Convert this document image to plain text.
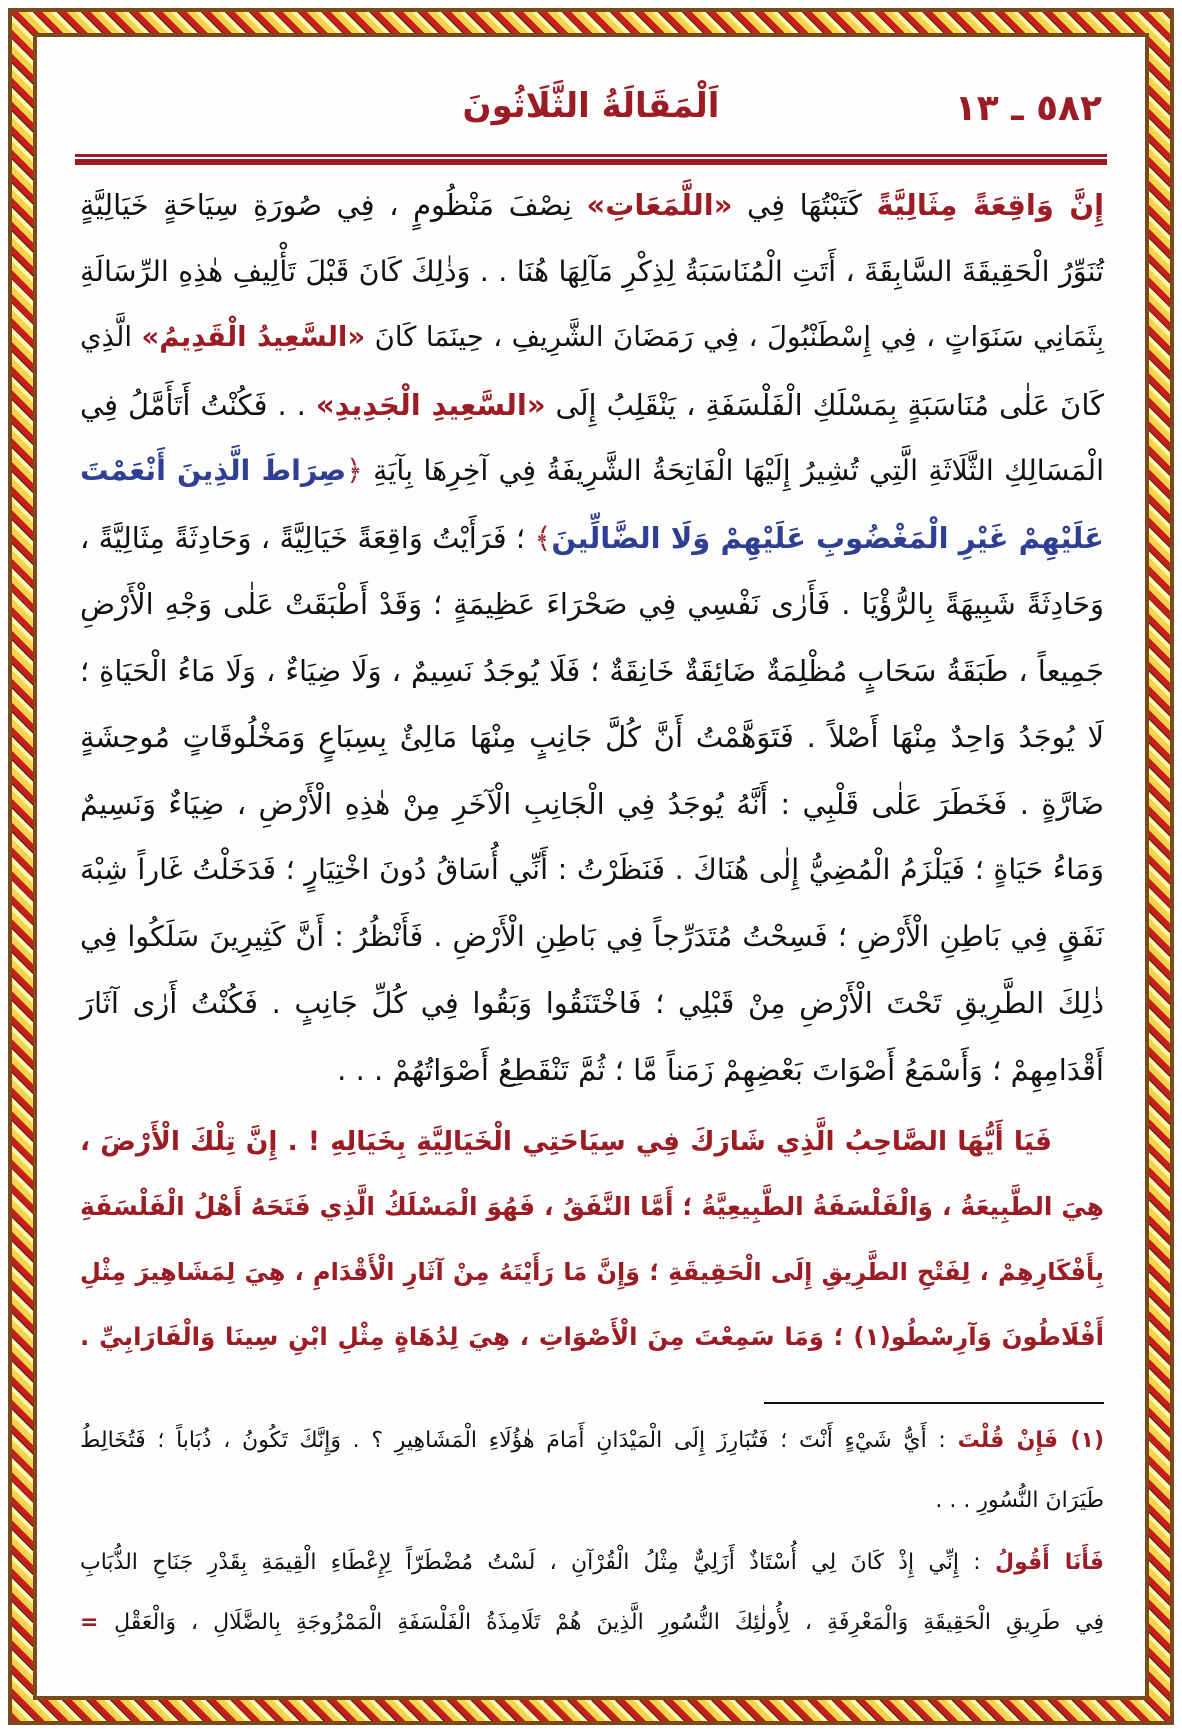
٥٨٢ ـ ١٣
اَلْمَقَالَةُ الثَّلَاثُونَ
إِنَّ وَاقِعَةً مِثَالِيَّةً كَتَبْتُهَا فِي «اللَّمَعَاتِ» نِصْفَ مَنْظُومٍ ، فِي صُورَةِ سِيَاحَةٍ خَيَالِيَّةٍ
تُنَوِّرُ الْحَقِيقَةَ السَّابِقَةَ ، أَتَتِ الْمُنَاسَبَةُ لِذِكْرِ مَآلِهَا هُنَا . . وَذٰلِكَ كَانَ قَبْلَ تَأْلِيفِ هٰذِهِ الرِّسَالَةِ
بِثَمَانِي سَنَوَاتٍ ، فِي إِسْطَنْبُولَ ، فِي رَمَضَانَ الشَّرِيفِ ، حِينَمَا كَانَ «السَّعِيدُ الْقَدِيمُ» الَّذِي
كَانَ عَلٰى مُنَاسَبَةٍ بِمَسْلَكِ الْفَلْسَفَةِ ، يَنْقَلِبُ إِلَى «السَّعِيدِ الْجَدِيدِ» . . فَكُنْتُ أَتَأَمَّلُ فِي
الْمَسَالِكِ الثَّلَاثَةِ الَّتِي تُشِيرُ إِلَيْهَا الْفَاتِحَةُ الشَّرِيفَةُ فِي آخِرِهَا بِآيَةِ ﴿صِرَاطَ الَّذِينَ أَنْعَمْتَ
عَلَيْهِمْ غَيْرِ الْمَغْضُوبِ عَلَيْهِمْ وَلَا الضَّالِّينَ﴾ ؛ فَرَأَيْتُ وَاقِعَةً خَيَالِيَّةً ، وَحَادِثَةً مِثَالِيَّةً ،
وَحَادِثَةً شَبِيهَةً بِالرُّؤْيَا . فَأَرٰى نَفْسِي فِي صَحْرَاءَ عَظِيمَةٍ ؛ وَقَدْ أَطْبَقَتْ عَلٰى وَجْهِ الْأَرْضِ
جَمِيعاً ، طَبَقَةُ سَحَابٍ مُظْلِمَةٌ ضَائِقَةٌ خَانِقَةٌ ؛ فَلَا يُوجَدُ نَسِيمٌ ، وَلَا ضِيَاءٌ ، وَلَا مَاءُ الْحَيَاةِ ؛
لَا يُوجَدُ وَاحِدٌ مِنْهَا أَصْلاً . فَتَوَهَّمْتُ أَنَّ كُلَّ جَانِبٍ مِنْهَا مَالِئٌ بِسِبَاعٍ وَمَخْلُوقَاتٍ مُوحِشَةٍ
ضَارَّةٍ . فَخَطَرَ عَلٰى قَلْبِي : أَنَّهُ يُوجَدُ فِي الْجَانِبِ الْآخَرِ مِنْ هٰذِهِ الْأَرْضِ ، ضِيَاءٌ وَنَسِيمٌ
وَمَاءُ حَيَاةٍ ؛ فَيَلْزَمُ الْمُضِيُّ إِلٰى هُنَاكَ . فَنَظَرْتُ : أَنِّي أُسَاقُ دُونَ اخْتِيَارٍ ؛ فَدَخَلْتُ غَاراً شِبْهَ
نَفَقٍ فِي بَاطِنِ الْأَرْضِ ؛ فَسِحْتُ مُتَدَرِّجاً فِي بَاطِنِ الْأَرْضِ . فَأَنْظُرُ : أَنَّ كَثِيرِينَ سَلَكُوا فِي
ذٰلِكَ الطَّرِيقِ تَحْتَ الْأَرْضِ مِنْ قَبْلِي ؛ فَاخْتَنَقُوا وَبَقُوا فِي كُلِّ جَانِبٍ . فَكُنْتُ أَرٰى آثَارَ
أَقْدَامِهِمْ ؛ وَأَسْمَعُ أَصْوَاتَ بَعْضِهِمْ زَمَناً مَّا ؛ ثُمَّ تَنْقَطِعُ أَصْوَاتُهُمْ . . .
فَيَا أَيُّهَا الصَّاحِبُ الَّذِي شَارَكَ فِي سِيَاحَتِي الْخَيَالِيَّةِ بِخَيَالِهِ ! . إِنَّ تِلْكَ الْأَرْضَ ،
هِيَ الطَّبِيعَةُ ، وَالْفَلْسَفَةُ الطَّبِيعِيَّةُ ؛ أَمَّا النَّفَقُ ، فَهُوَ الْمَسْلَكُ الَّذِي فَتَحَهُ أَهْلُ الْفَلْسَفَةِ
بِأَفْكَارِهِمْ ، لِفَتْحِ الطَّرِيقِ إِلَى الْحَقِيقَةِ ؛ وَإِنَّ مَا رَأَيْتَهُ مِنْ آثَارِ الْأَقْدَامِ ، هِيَ لِمَشَاهِيرَ مِثْلِ
أَفْلَاطُونَ وَآرِسْطُو(١) ؛ وَمَا سَمِعْتَ مِنَ الْأَصْوَاتِ ، هِيَ لِدُهَاةٍ مِثْلِ ابْنِ سِينَا وَالْفَارَابِيِّ .
(١) فَإِنْ قُلْتَ : أَيُّ شَيْءٍ أَنْتَ ؛ فَتُبَارِزَ إِلَى الْمَيْدَانِ أَمَامَ هٰؤُلَاءِ الْمَشَاهِيرِ ؟ . وَإِنَّكَ تَكُونُ ، ذُبَاباً ؛ فَتُخَالِطُ
طَيَرَانَ النُّسُورِ . . .
فَأَنَا أَقُولُ : إِنِّي إِذْ كَانَ لِي أُسْتَاذٌ أَزَلِيٌّ مِثْلُ الْقُرْآنِ ، لَسْتُ مُضْطَرّاً لِإِعْطَاءِ الْقِيمَةِ بِقَدْرِ جَنَاحِ الذُّبَابِ
فِي طَرِيقِ الْحَقِيقَةِ وَالْمَعْرِفَةِ ، لِأُولٰئِكَ النُّسُورِ الَّذِينَ هُمْ تَلَامِذَةُ الْفَلْسَفَةِ الْمَمْزُوجَةِ بِالضَّلَالِ ، وَالْعَقْلِ =
